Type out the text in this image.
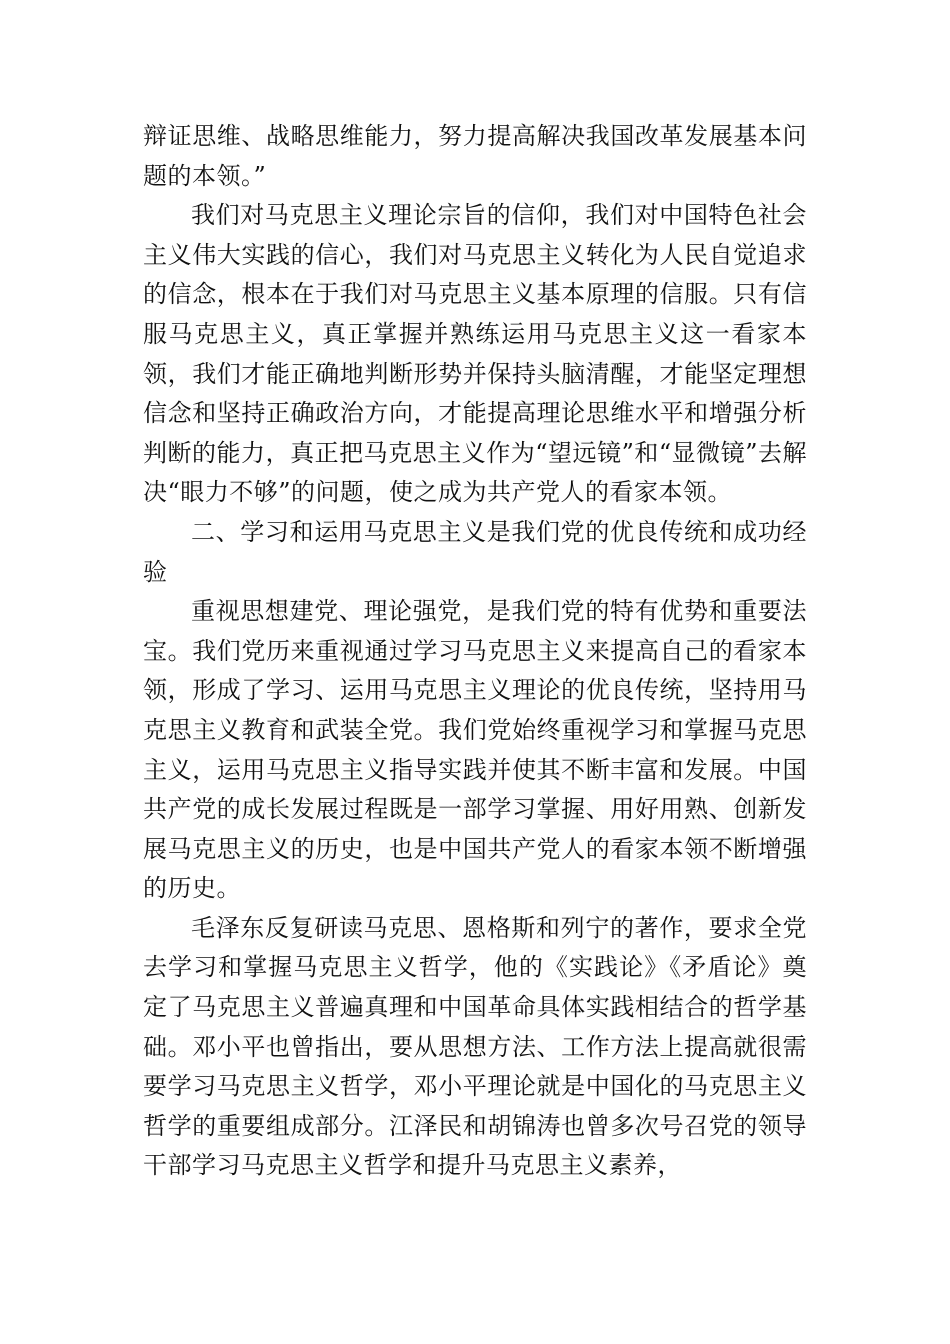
辩证思维、战略思维能力，努力提高解决我国改革发展基本问题的本领。”

我们对马克思主义理论宗旨的信仰，我们对中国特色社会主义伟大实践的信心，我们对马克思主义转化为人民自觉追求的信念，根本在于我们对马克思主义基本原理的信服。只有信服马克思主义，真正掌握并熟练运用马克思主义这一看家本领，我们才能正确地判断形势并保持头脑清醒，才能坚定理想信念和坚持正确政治方向，才能提高理论思维水平和增强分析判断的能力，真正把马克思主义作为“望远镜”和“显微镜”去解决“眼力不够”的问题，使之成为共产党人的看家本领。

二、学习和运用马克思主义是我们党的优良传统和成功经验

重视思想建党、理论强党，是我们党的特有优势和重要法宝。我们党历来重视通过学习马克思主义来提高自己的看家本领，形成了学习、运用马克思主义理论的优良传统，坚持用马克思主义教育和武装全党。我们党始终重视学习和掌握马克思主义，运用马克思主义指导实践并使其不断丰富和发展。中国共产党的成长发展过程既是一部学习掌握、用好用熟、创新发展马克思主义的历史，也是中国共产党人的看家本领不断增强的历史。

毛泽东反复研读马克思、恩格斯和列宁的著作，要求全党去学习和掌握马克思主义哲学，他的《实践论》《矛盾论》奠定了马克思主义普遍真理和中国革命具体实践相结合的哲学基础。邓小平也曾指出，要从思想方法、工作方法上提高就很需要学习马克思主义哲学，邓小平理论就是中国化的马克思主义哲学的重要组成部分。江泽民和胡锦涛也曾多次号召党的领导干部学习马克思主义哲学和提升马克思主义素养，
